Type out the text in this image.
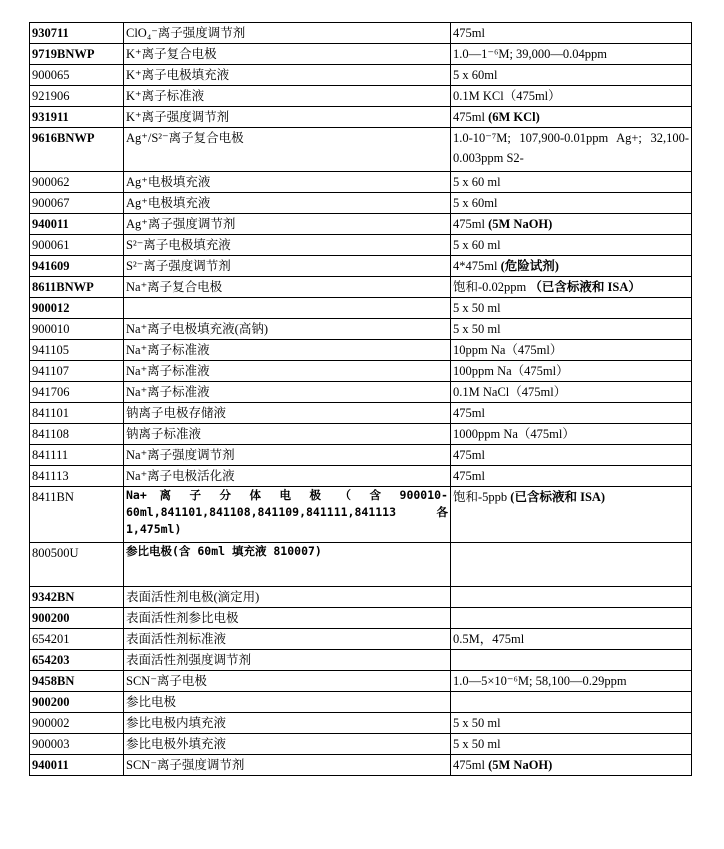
930711	ClO₄⁻离子强度调节剂	475ml
9719BNWP	K⁺离子复合电极	1.0—1⁻⁶M; 39,000—0.04ppm
900065	K⁺离子电极填充液	5 x 60ml
921906	K⁺离子标准液	0.1M KCl（475ml）
931911	K⁺离子强度调节剂	475ml (6M KCl)
9616BNWP	Ag⁺/S²⁻离子复合电极	1.0-10⁻⁷M; 107,900-0.01ppm Ag+; 32,100-0.003ppm S2-
900062	Ag⁺电极填充液	5 x 60 ml
900067	Ag⁺电极填充液	5 x 60ml
940011	Ag⁺离子强度调节剂	475ml (5M NaOH)
900061	S²⁻离子电极填充液	5 x 60 ml
941609	S²⁻离子强度调节剂	4*475ml (危险试剂)
8611BNWP	Na⁺离子复合电极	饱和-0.02ppm （已含标液和 ISA）
900012		5 x 50 ml
900010	Na⁺离子电极填充液(高钠)	5 x 50 ml
941105	Na⁺离子标准液	10ppm Na（475ml）
941107	Na⁺离子标准液	100ppm Na（475ml）
941706	Na⁺离子标准液	0.1M NaCl（475ml）
841101	钠离子电极存储液	475ml
841108	钠离子标准液	1000ppm Na（475ml）
841111	Na⁺离子强度调节剂	475ml
841113	Na⁺离子电极活化液	475ml
8411BN	Na+ 离 子 分 体 电 极 （ 含 900010-60ml,841101,841108,841109,841111,841113 各 1,475ml)	饱和-5ppb (已含标液和 ISA)
800500U	参比电极(含 60ml 填充液 810007)	
9342BN	表面活性剂电极(滴定用)	
900200	表面活性剂参比电极	
654201	表面活性剂标准液	0.5M，475ml
654203	表面活性剂强度调节剂	
9458BN	SCN⁻离子电极	1.0—5×10⁻⁶M; 58,100—0.29ppm
900200	参比电极	
900002	参比电极内填充液	5 x 50 ml
900003	参比电极外填充液	5 x 50 ml
940011	SCN⁻离子强度调节剂	475ml (5M NaOH)
